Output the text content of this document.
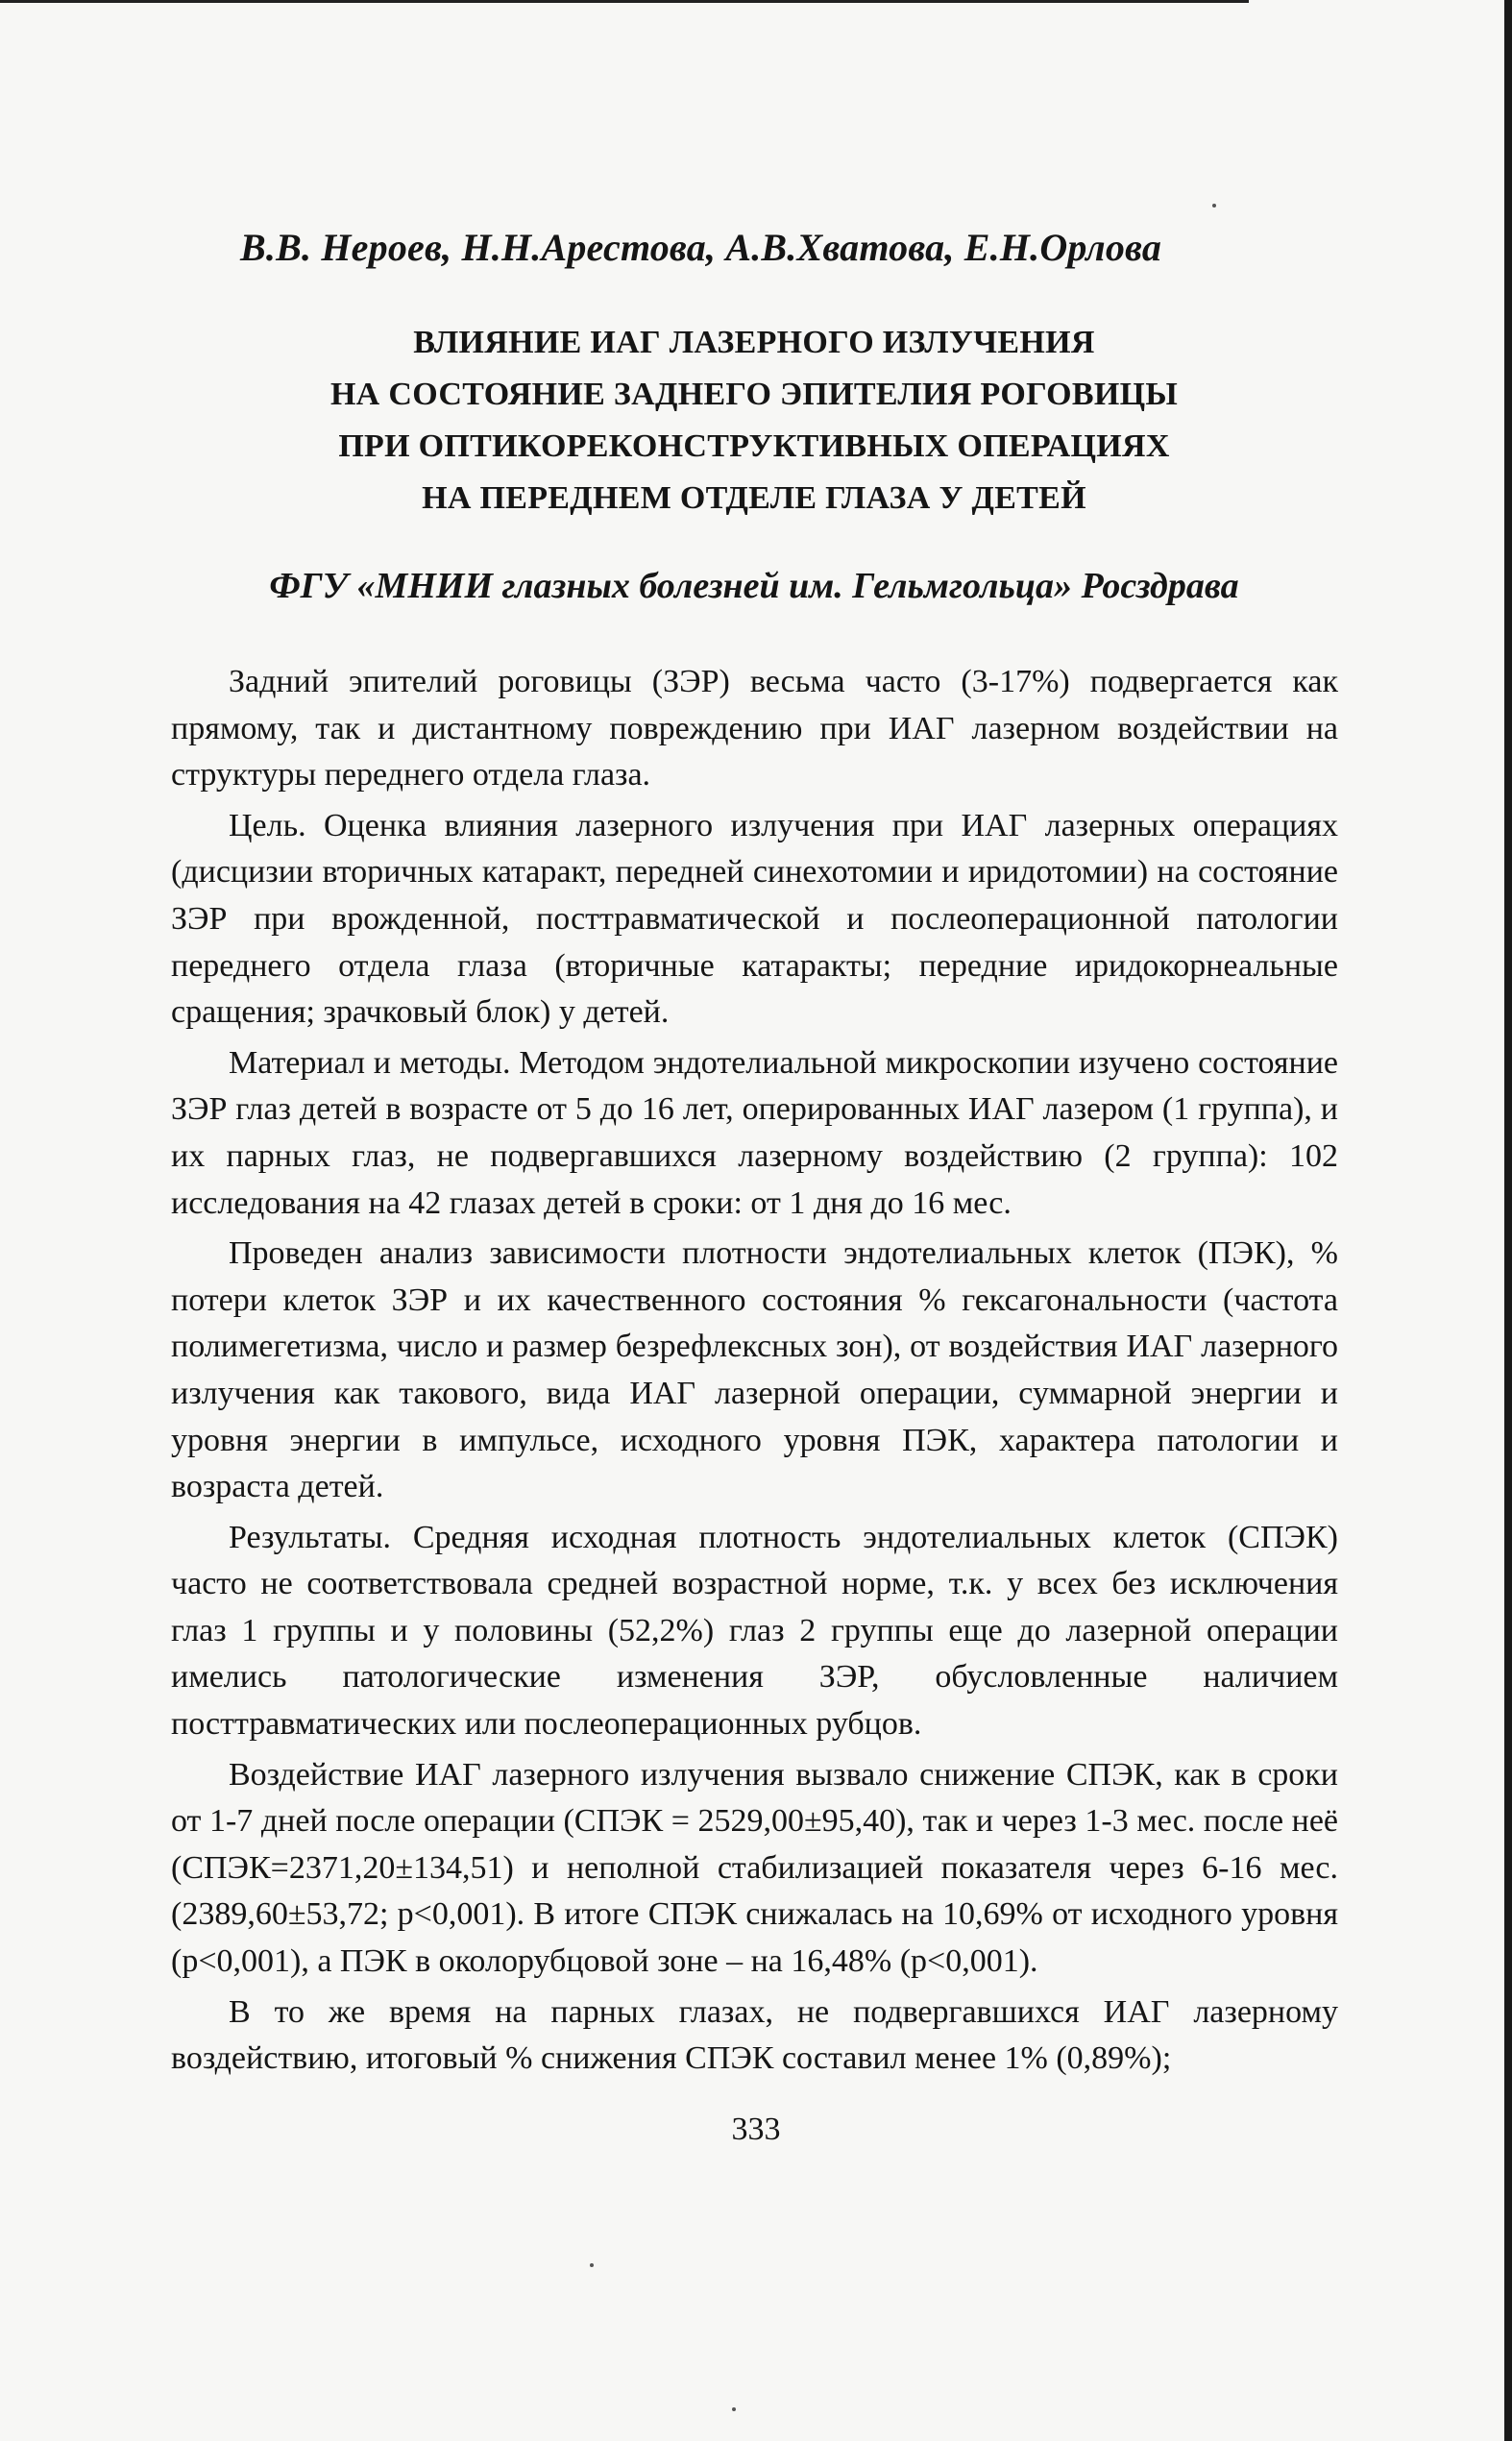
В.В. Нероев, Н.Н.Арестова, А.В.Хватова, Е.Н.Орлова
ВЛИЯНИЕ ИАГ ЛАЗЕРНОГО ИЗЛУЧЕНИЯ
НА СОСТОЯНИЕ ЗАДНЕГО ЭПИТЕЛИЯ РОГОВИЦЫ
ПРИ ОПТИКОРЕКОНСТРУКТИВНЫХ ОПЕРАЦИЯХ
НА ПЕРЕДНЕМ ОТДЕЛЕ ГЛАЗА У ДЕТЕЙ
ФГУ «МНИИ глазных болезней им. Гельмгольца» Росздрава

Задний эпителий роговицы (ЗЭР) весьма часто (3-17%) подвергается как прямому, так и дистантному повреждению при ИАГ лазерном воздействии на структуры переднего отдела глаза.

Цель. Оценка влияния лазерного излучения при ИАГ лазерных операциях (дисцизии вторичных катаракт, передней синехотомии и иридотомии) на состояние ЗЭР при врожденной, посттравматической и послеоперационной патологии переднего отдела глаза (вторичные катаракты; передние иридокорнеальные сращения; зрачковый блок) у детей.

Материал и методы. Методом эндотелиальной микроскопии изучено состояние ЗЭР глаз детей в возрасте от 5 до 16 лет, оперированных ИАГ лазером (1 группа), и их парных глаз, не подвергавшихся лазерному воздействию (2 группа): 102 исследования на 42 глазах детей в сроки: от 1 дня до 16 мес.

Проведен анализ зависимости плотности эндотелиальных клеток (ПЭК), % потери клеток ЗЭР и их качественного состояния % гексагональности (частота полимегетизма, число и размер безрефлексных зон), от воздействия ИАГ лазерного излучения как такового, вида ИАГ лазерной операции, суммарной энергии и уровня энергии в импульсе, исходного уровня ПЭК, характера патологии и возраста детей.

Результаты. Средняя исходная плотность эндотелиальных клеток (СПЭК) часто не соответствовала средней возрастной норме, т.к. у всех без исключения глаз 1 группы и у половины (52,2%) глаз 2 группы еще до лазерной операции имелись патологические изменения ЗЭР, обусловленные наличием посттравматических или послеоперационных рубцов.

Воздействие ИАГ лазерного излучения вызвало снижение СПЭК, как в сроки от 1-7 дней после операции (СПЭК = 2529,00±95,40), так и через 1-3 мес. после неё (СПЭК=2371,20±134,51) и неполной стабилизацией показателя через 6-16 мес. (2389,60±53,72; p<0,001). В итоге СПЭК снижалась на 10,69% от исходного уровня (p<0,001), а ПЭК в околорубцовой зоне – на 16,48% (p<0,001).

В то же время на парных глазах, не подвергавшихся ИАГ лазерному воздействию, итоговый % снижения СПЭК составил менее 1% (0,89%);

333
